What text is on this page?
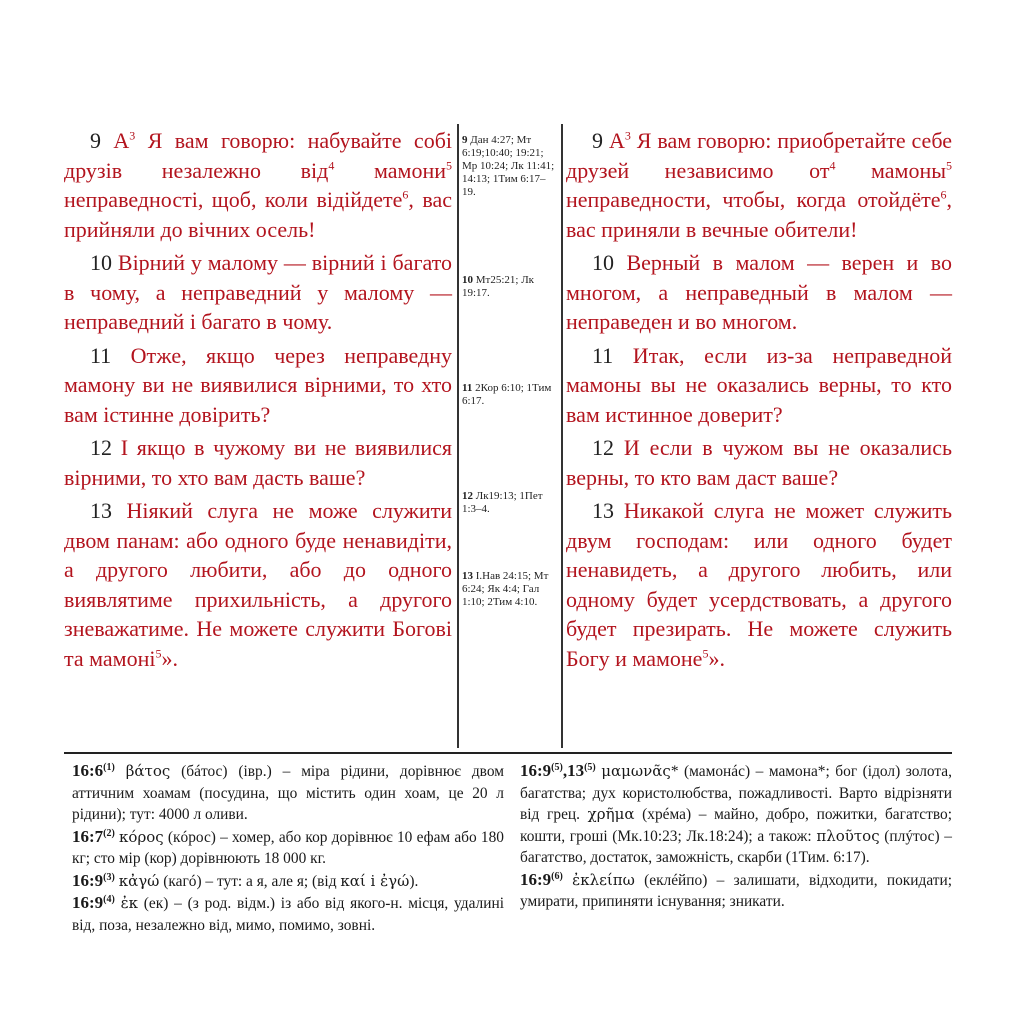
9 $А^3$ Я вам говорю: набувайте собі друзів незалежно від$^4$ мамони$^5$ неправедності, щоб, коли відійдете$^6$, вас прийняли до вічних осель!

10 Вірний у малому — вірний і багато в чому, а неправедний у малому — неправедний і багато в чому.

11 Отже, якщо через неправедну мамону ви не виявилися вірними, то хто вам істинне довірить?

12 І якщо в чужому ви не виявилися вірними, то хто вам дасть ваше?

13 Ніякий слуга не може служити двом панам: або одного буде ненавидіти, а другого любити, або до одного виявлятиме прихильність, а другого зневажатиме. Не можете служити Богові та мамоні$^5$».

9 Дан 4:27; Мт 6:19;10:40; 19:21; Мр 10:24; Лк 11:41; 14:13; 1Тим 6:17–19.
10 Мт25:21; Лк 19:17.
11 2Кор 6:10; 1Тим 6:17.
12 Лк19:13; 1Пет 1:3–4.
13 І.Нав 24:15; Мт 6:24; Як 4:4; Гал 1:10; 2Тим 4:10.

9 $А^3$ Я вам говорю: приобретайте себе друзей независимо $от^4$ мамоны$^5$ неправедности, чтобы, когда отойдёте$^6$, вас приняли в вечные обители!

10 Верный в малом — верен и во многом, а неправедный в малом — неправеден и во многом.

11 Итак, если из-за неправедной мамоны вы не оказались верны, то кто вам истинное доверит?

12 И если в чужом вы не оказались верны, то кто вам даст ваше?

13 Никакой слуга не может служить двум господам: или одного будет ненавидеть, а другого любить, или одному будет усердствовать, а другого будет презирать. Не можете служить Богу и мамоне$^5$».

16:6$^{(1)}$ βάτος (бáтос) (івр.) – міра рідини, дорівнює двом аттичним хоамам (посудина, що містить один хоам, це 20 л рідини); тут: 4000 л оливи.

16:7$^{(2)}$ κόρος (кóрос) – хомер, або кор дорівнює 10 ефам або 180 кг; сто мір (кор) дорівнюють 18 000 кг.

16:9$^{(3)}$ κἀγώ (кагó) – тут: а я, але я; (від καί і ἐγώ).

16:9$^{(4)}$ ἐκ (ек) – (з род. відм.) із або від якого-н. місця, удалині від, поза, незалежно від, мимо, помимо, зовні.

16:9$^{(5)}$,13$^{(5)}$ μαμωνᾶς* (мамонáс) – мамона*; бог (ідол) золота, багатства; дух користолюбства, пожадливості. Варто відрізняти від грец. χρῆμα (хрéма) – майно, добро, пожитки, багатство; кошти, гроші (Мк.10:23; Лк.18:24); а також: πλοῦτος (плýтос) – багатство, достаток, заможність, скарби (1Тим. 6:17).

16:9$^{(6)}$ ἐκλείπω (еклéйпо) – залишати, відходити, покидати; умирати, припиняти існування; зникати.
